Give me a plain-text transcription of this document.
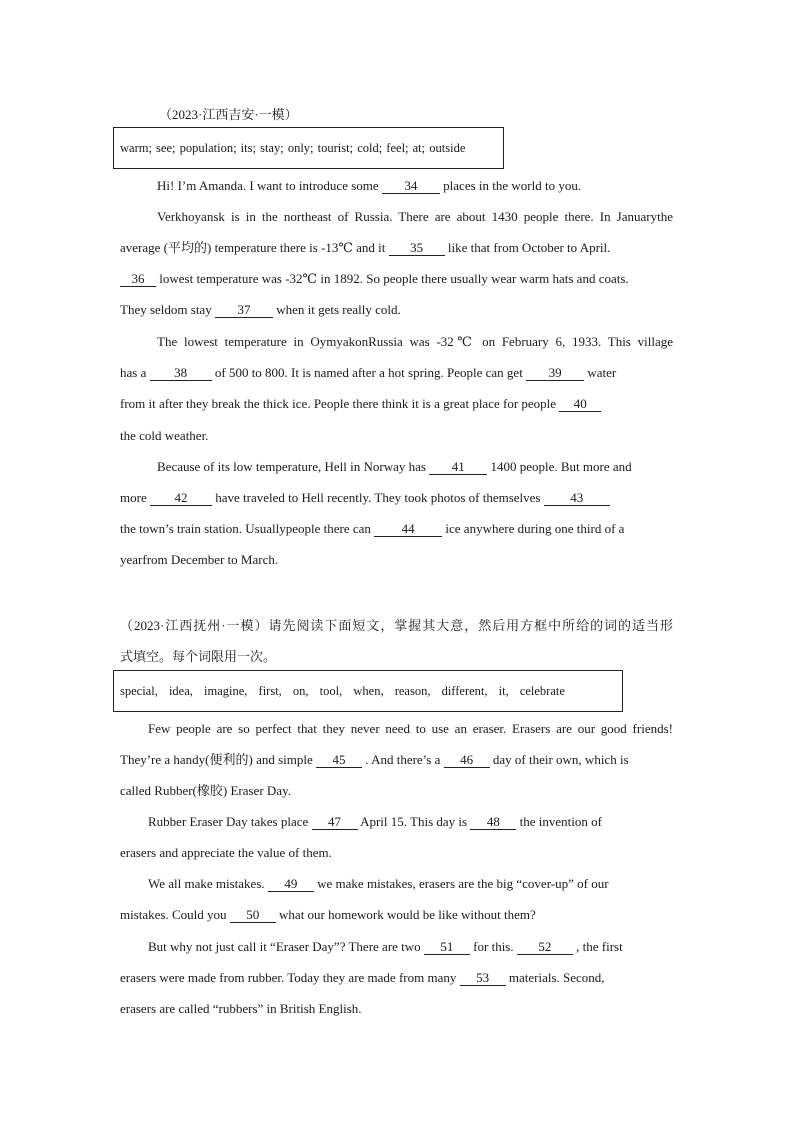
（2023·江西吉安·一模）
warm; see; population; its; stay; only; tourist; cold; feel; at; outside
Hi! I’m Amanda. I want to introduce some 34 places in the world to you.
Verkhoyansk is in the northeast of Russia. There are about 1430 people there. In Januarythe
average (平均的) temperature there is -13℃ and it 35 like that from October to April.
36 lowest temperature was -32℃ in 1892. So people there usually wear warm hats and coats.
They seldom stay 37 when it gets really cold.
The lowest temperature in OymyakonRussia was -32℃ on February 6, 1933. This village
has a 38 of 500 to 800. It is named after a hot spring. People can get 39 water
from it after they break the thick ice. People there think it is a great place for people 40
the cold weather.
Because of its low temperature, Hell in Norway has 41 1400 people. But more and
more 42 have traveled to Hell recently. They took photos of themselves 43
the town’s train station. Usuallypeople there can 44 ice anywhere during one third of a
yearfrom December to March.
（2023·江西抚州·一模）请先阅读下面短文，掌握其大意，然后用方框中所给的词的适当形
式填空。每个词限用一次。
special, idea, imagine, first, on, tool, when, reason, different, it, celebrate
Few people are so perfect that they never need to use an eraser. Erasers are our good friends!
They’re a handy(便利的) and simple 45 . And there’s a 46 day of their own, which is
called Rubber(橡胶) Eraser Day.
Rubber Eraser Day takes place 47 April 15. This day is 48 the invention of
erasers and appreciate the value of them.
We all make mistakes. 49 we make mistakes, erasers are the big “cover-up” of our
mistakes. Could you 50 what our homework would be like without them?
But why not just call it “Eraser Day”? There are two 51 for this. 52 , the first
erasers were made from rubber. Today they are made from many 53 materials. Second,
erasers are called “rubbers” in British English.
